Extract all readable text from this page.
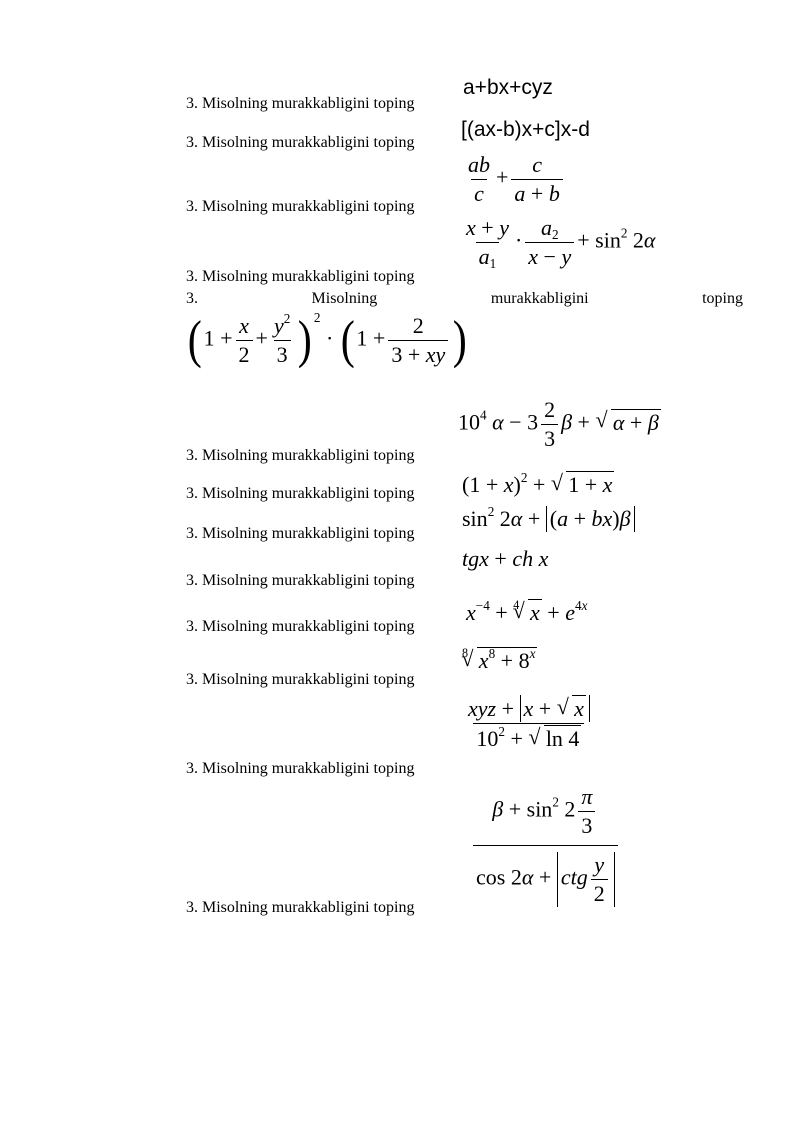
3. Misolning murakkabligini toping
a+bx+cyz
3. Misolning murakkabligini toping
[(ax-b)x+c]x-d
3. Misolning murakkabligini toping $\frac{ab}{c} + \frac{c}{a + b}$
3. Misolning murakkabligini toping
$\frac{x + y}{a_1} \cdot \frac{a_2}{x - y} + \sin^2 2\alpha$
3.	Misolning	murakkabligini	toping
($1 + \frac{x}{2} + \frac{y^2}{3}$ ) $^2 \cdot (1 + \frac{2}{3 + xy}$ )
3. Misolning murakkabligini toping
$10^4$ $\alpha - 3 \frac{2}{3}$ β + √ α + β
3. Misolning murakkabligini toping $(1 + x)^2$ + √ 1 + x
3. Misolning murakkabligini toping
$\sin^2 2\alpha + (a + bx)\beta$
3. Misolning murakkabligini toping
tgx + ch x
3. Misolning murakkabligini toping
$x^{-4} + ^4√$ $x + e^{4x}$
3. Misolning murakkabligini toping
$^8$√ $x^8 + 8^x$
3. Misolning murakkabligini toping
$\frac{\text{xyz + x + √ x}}{10^2 + √ \ln 4}$
3. Misolning murakkabligini toping
$\frac{\beta + \sin^2 2 \frac{\pi}{3}}{\cos 2\alpha + ctg \frac{y}{2}}$
